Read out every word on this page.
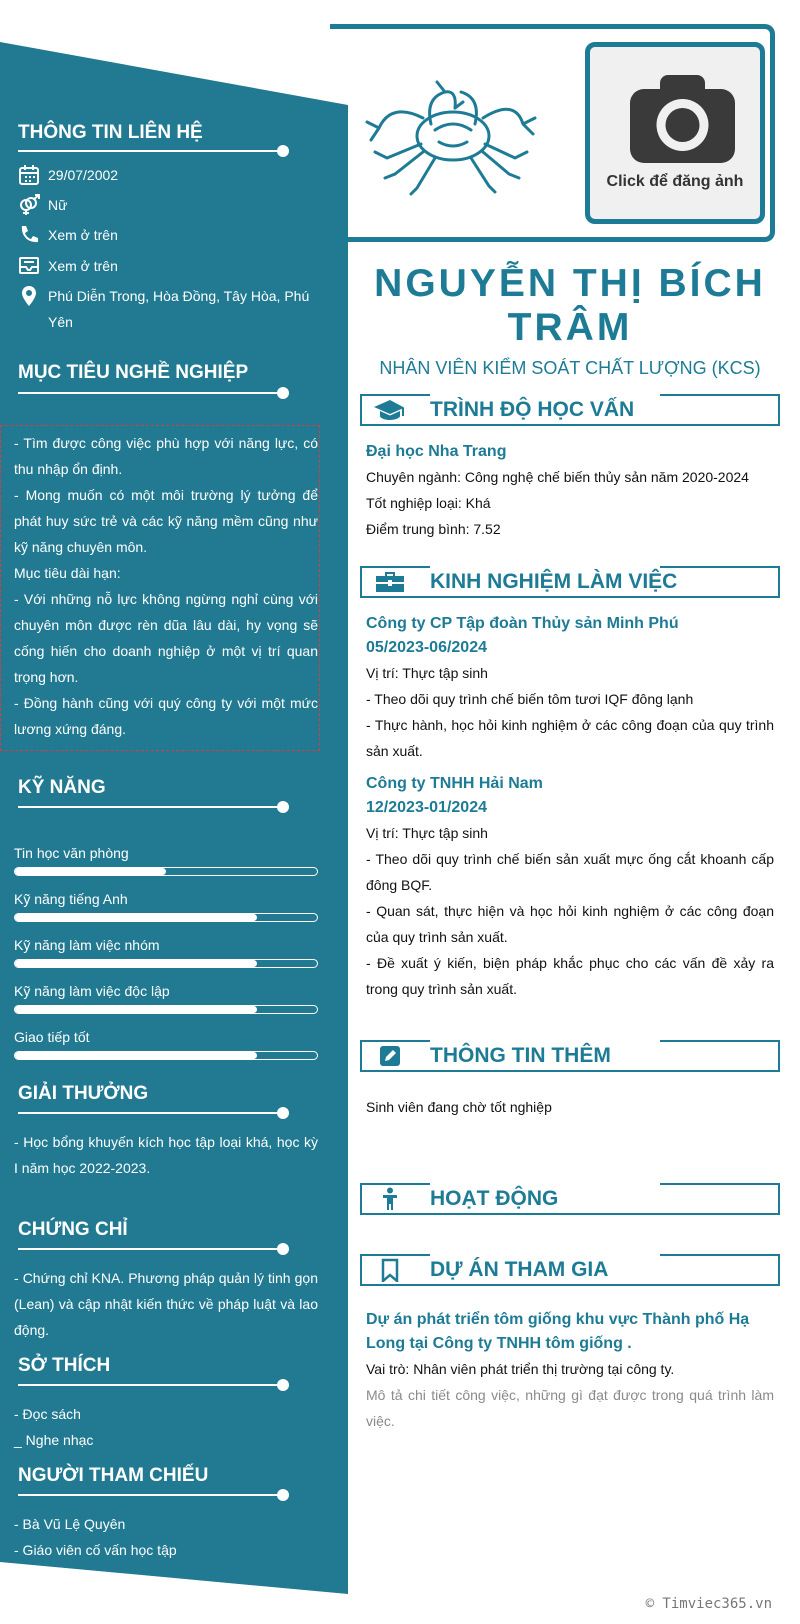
Click để đăng ảnh
THÔNG TIN LIÊN HỆ
29/07/2002
Nữ
Xem ở trên
Xem ở trên
Phú Diễn Trong, Hòa Đồng, Tây Hòa, Phú Yên
MỤC TIÊU NGHỀ NGHIỆP
- Tìm được công việc phù hợp với năng lực, có thu nhập ổn định.
- Mong muốn có một môi trường lý tưởng để phát huy sức trẻ và các kỹ năng mềm cũng như kỹ năng chuyên môn.
Mục tiêu dài hạn:
- Với những nỗ lực không ngừng nghỉ cùng với chuyên môn được rèn dũa lâu dài, hy vọng sẽ cống hiến cho doanh nghiệp ở một vị trí quan trọng hơn.
- Đồng hành cũng với quý công ty với một mức lương xứng đáng.
KỸ NĂNG
Tin học văn phòng
Kỹ năng tiếng Anh
Kỹ năng làm việc nhóm
Kỹ năng làm việc độc lập
Giao tiếp tốt
GIẢI THƯỞNG
- Học bổng khuyến kích học tập loại khá, học kỳ I năm học 2022-2023.
CHỨNG CHỈ
- Chứng chỉ KNA. Phương pháp quản lý tinh gọn (Lean) và cập nhật kiến thức về pháp luật và lao động.
SỞ THÍCH
- Đọc sách
_ Nghe nhạc
NGƯỜI THAM CHIẾU
- Bà Vũ Lệ Quyên
- Giáo viên cố vấn học tập
NGUYỄN THỊ BÍCH TRÂM
NHÂN VIÊN KIỂM SOÁT CHẤT LƯỢNG (KCS)
TRÌNH ĐỘ HỌC VẤN
Đại học Nha Trang
Chuyên ngành: Công nghệ chế biến thủy sản năm 2020-2024
Tốt nghiệp loại: Khá
Điểm trung bình: 7.52
KINH NGHIỆM LÀM VIỆC
Công ty CP Tập đoàn Thủy sản Minh Phú
05/2023-06/2024
Vị trí: Thực tập sinh
- Theo dõi quy trình chế biến tôm tươi IQF đông lạnh
- Thực hành, học hỏi kinh nghiệm ở các công đoạn của quy trình sản xuất.
Công ty TNHH Hải Nam
12/2023-01/2024
Vị trí: Thực tập sinh
- Theo dõi quy trình chế biến sản xuất mực ống cắt khoanh cấp đông BQF.
- Quan sát, thực hiện và học hỏi kinh nghiệm ở các công đoạn của quy trình sản xuất.
- Đề xuất ý kiến, biện pháp khắc phục cho các vấn đề xảy ra trong quy trình sản xuất.
THÔNG TIN THÊM
Sinh viên đang chờ tốt nghiệp
HOẠT ĐỘNG
DỰ ÁN THAM GIA
Dự án phát triển tôm giống khu vực Thành phố Hạ Long tại Công ty TNHH tôm giống .
Vai trò: Nhân viên phát triển thị trường tại công ty.
Mô tả chi tiết công việc, những gì đạt được trong quá trình làm việc.
© Timviec365.vn
